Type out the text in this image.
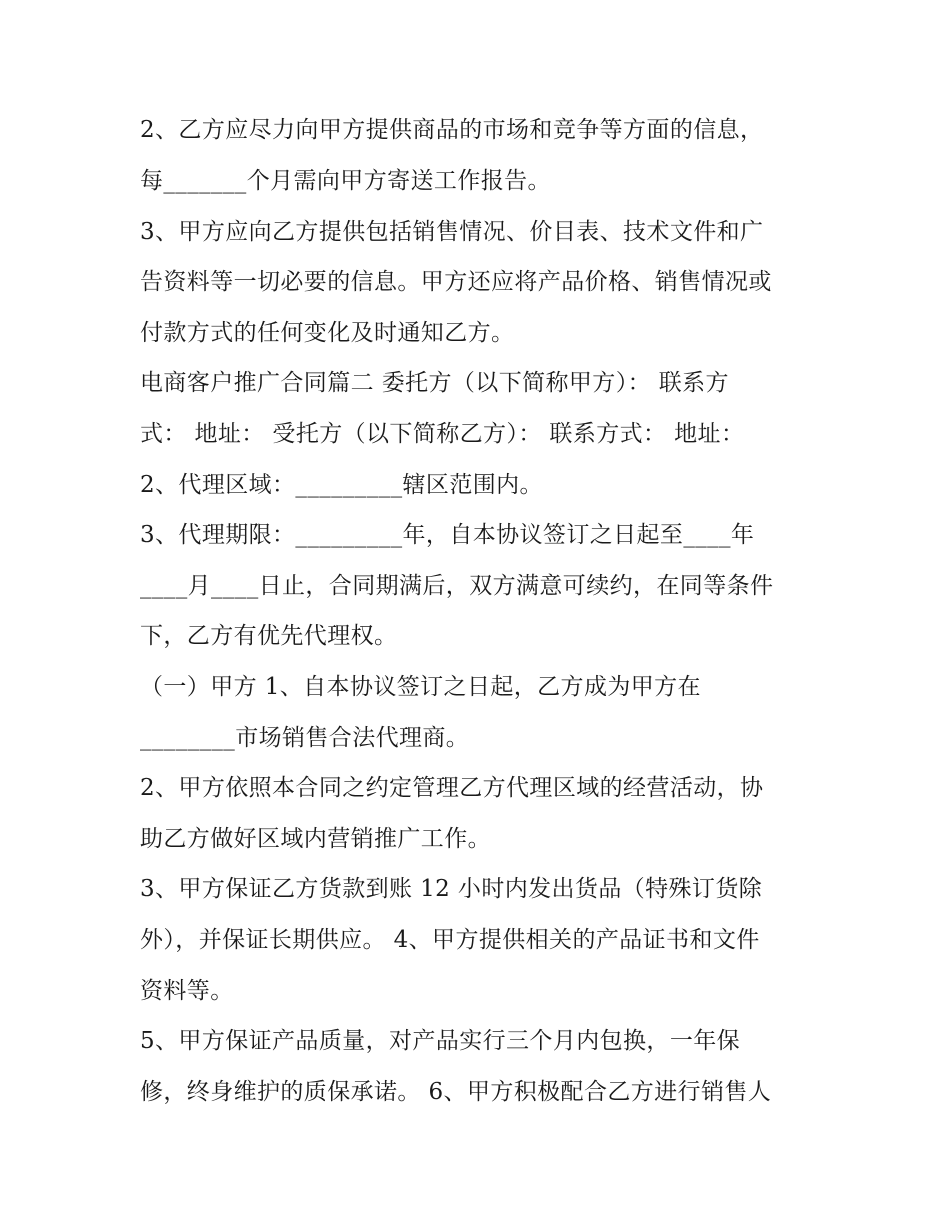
2、乙方应尽力向甲方提供商品的市场和竞争等方面的信息，
每_______个月需向甲方寄送工作报告。
3、甲方应向乙方提供包括销售情况、价目表、技术文件和广
告资料等一切必要的信息。甲方还应将产品价格、销售情况或
付款方式的任何变化及时通知乙方。
电商客户推广合同篇二 委托方（以下简称甲方）： 联系方
式： 地址： 受托方（以下简称乙方）： 联系方式： 地址：
2、代理区域：_________辖区范围内。
3、代理期限：_________年，自本协议签订之日起至____年
____月____日止，合同期满后，双方满意可续约，在同等条件
下，乙方有优先代理权。
（一）甲方 1、自本协议签订之日起，乙方成为甲方在
________市场销售合法代理商。
2、甲方依照本合同之约定管理乙方代理区域的经营活动，协
助乙方做好区域内营销推广工作。
3、甲方保证乙方货款到账 12 小时内发出货品（特殊订货除
外），并保证长期供应。 4、甲方提供相关的产品证书和文件
资料等。
5、甲方保证产品质量，对产品实行三个月内包换，一年保
修，终身维护的质保承诺。 6、甲方积极配合乙方进行销售人
